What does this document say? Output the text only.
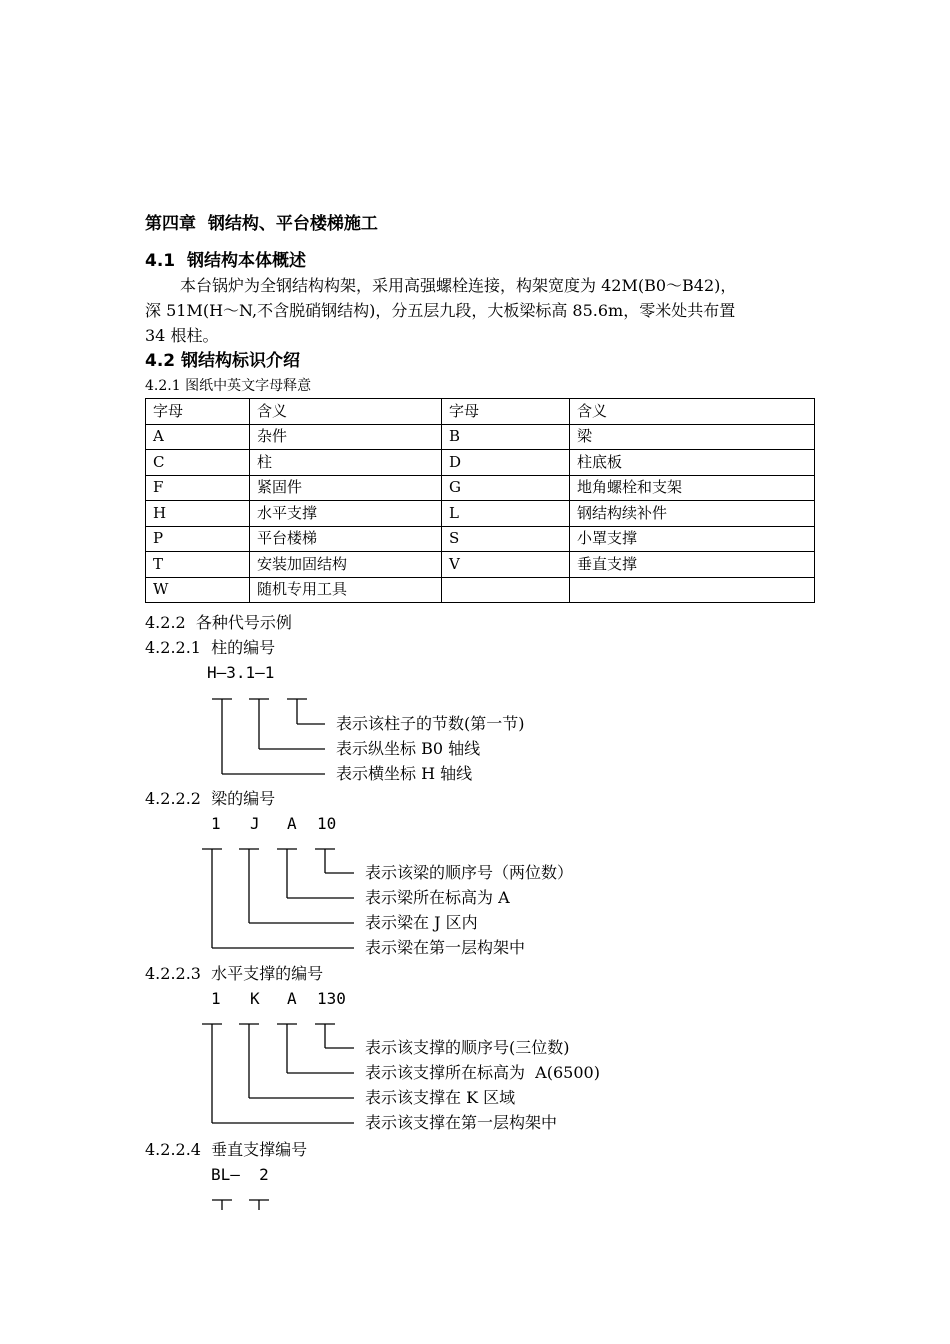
第四章  钢结构、平台楼梯施工
4.1  钢结构本体概述
本台锅炉为全钢结构构架，采用高强螺栓连接，构架宽度为 42M(B0～B42)，
深 51M(H～N,不含脱硝钢结构)，分五层九段，大板梁标高 85.6m，零米处共布置
34 根柱。
4.2 钢结构标识介绍
4.2.1 图纸中英文字母释意
字母	含义	字母	含义
A	杂件	B	梁
C	柱	D	柱底板
F	紧固件	G	地角螺栓和支架
H	水平支撑	L	钢结构续补件
P	平台楼梯	S	小罩支撑
T	安装加固结构	V	垂直支撑
W	随机专用工具		
4.2.2  各种代号示例
4.2.2.1  柱的编号
H—3.1—1
表示该柱子的节数(第一节)
表示纵坐标 B0 轴线
表示横坐标 H 轴线
4.2.2.2  梁的编号
1 J A 10
表示该梁的顺序号（两位数）
表示梁所在标高为 A
表示梁在 J 区内
表示梁在第一层构架中
4.2.2.3  水平支撑的编号
1 K A 130
表示该支撑的顺序号(三位数)
表示该支撑所在标高为  A(6500)
表示该支撑在 K 区域
表示该支撑在第一层构架中
4.2.2.4  垂直支撑编号
BL—  2
